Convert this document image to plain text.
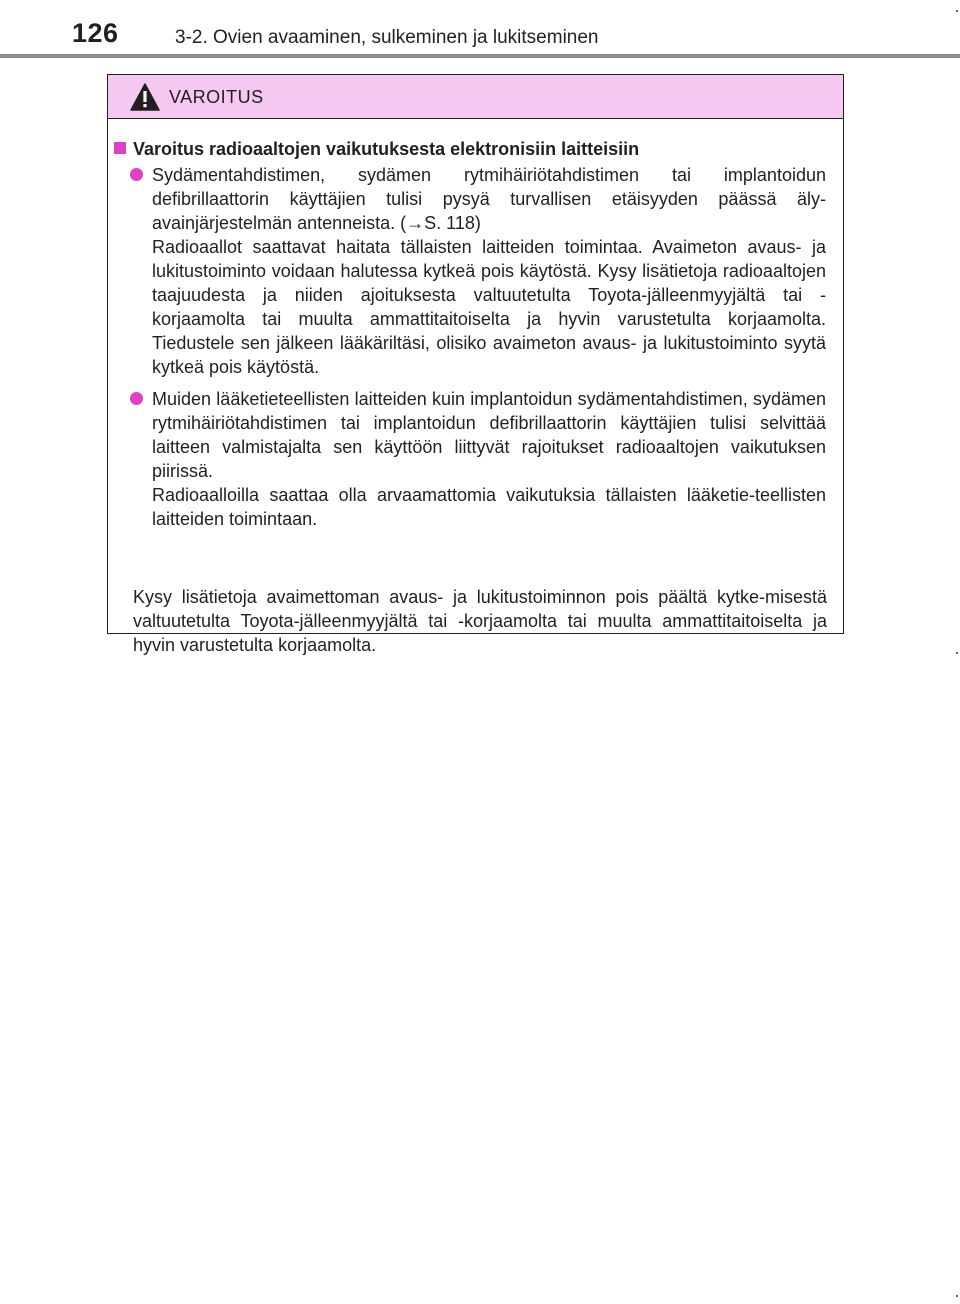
126	3-2. Ovien avaaminen, sulkeminen ja lukitseminen
VAROITUS
Varoitus radioaaltojen vaikutuksesta elektronisiin laitteisiin

Sydämentahdistimen, sydämen rytmihäiriötahdistimen tai implantoidun defibrillaattorin käyttäjien tulisi pysyä turvallisen etäisyyden päässä äly-avainjärjestelmän antenneista. (→S. 118)

Radioaallot saattavat haitata tällaisten laitteiden toimintaa. Avaimeton avaus- ja lukitustoiminto voidaan halutessa kytkeä pois käytöstä. Kysy lisätietoja radioaaltojen taajuudesta ja niiden ajoituksesta valtuutetulta Toyota-jälleenmyyjältä tai -korjaamolta tai muulta ammattitaitoiselta ja hyvin varustetulta korjaamolta. Tiedustele sen jälkeen lääkäriltäsi, olisiko avaimeton avaus- ja lukitustoiminto syytä kytkeä pois käytöstä.

Muiden lääketieteellisten laitteiden kuin implantoidun sydämentahdistimen, sydämen rytmihäiriötahdistimen tai implantoidun defibrillaattorin käyttäjien tulisi selvittää laitteen valmistajalta sen käyttöön liittyvät rajoitukset radioaaltojen vaikutuksen piirissä.

Radioaalloilla saattaa olla arvaamattomia vaikutuksia tällaisten lääketie-teellisten laitteiden toimintaan.

Kysy lisätietoja avaimettoman avaus- ja lukitustoiminnon pois päältä kytke-misestä valtuutetulta Toyota-jälleenmyyjältä tai -korjaamolta tai muulta ammattitaitoiselta ja hyvin varustetulta korjaamolta.
